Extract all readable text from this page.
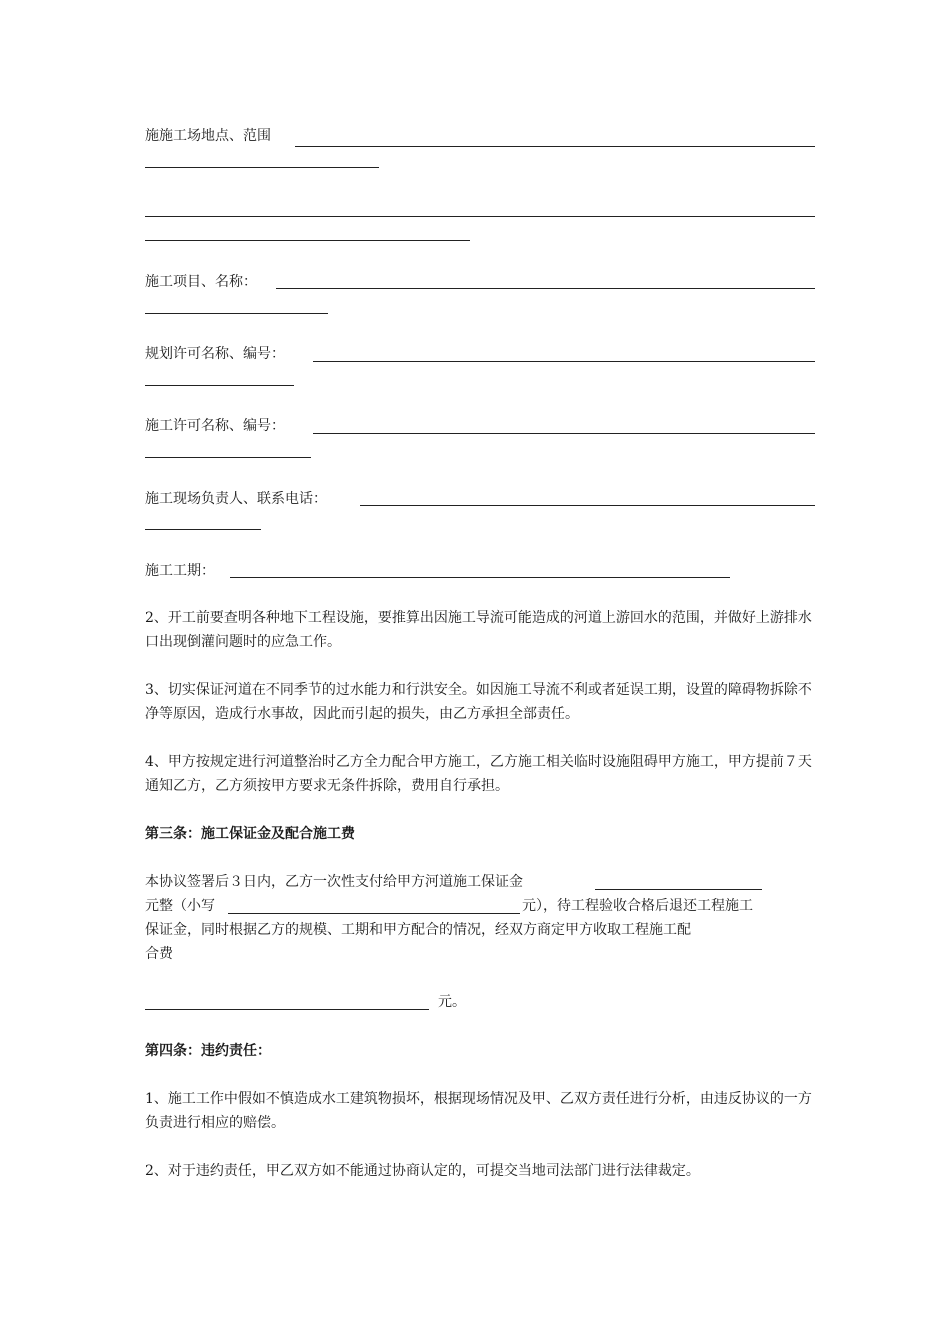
施施工场地点、范围
施工项目、名称：
规划许可名称、编号：
施工许可名称、编号：
施工现场负责人、联系电话：
施工工期：
2、开工前要查明各种地下工程设施，要推算出因施工导流可能造成的河道上游回水的范围，并做好上游排水口出现倒灌问题时的应急工作。
3、切实保证河道在不同季节的过水能力和行洪安全。如因施工导流不利或者延误工期，设置的障碍物拆除不净等原因，造成行水事故，因此而引起的损失，由乙方承担全部责任。
4、甲方按规定进行河道整治时乙方全力配合甲方施工，乙方施工相关临时设施阻碍甲方施工，甲方提前７天通知乙方，乙方须按甲方要求无条件拆除，费用自行承担。
第三条：施工保证金及配合施工费
本协议签署后３日内，乙方一次性支付给甲方河道施工保证金
元整（小写	元），待工程验收合格后退还工程施工
保证金，同时根据乙方的规模、工期和甲方配合的情况，经双方商定甲方收取工程施工配
合费
元。
第四条：违约责任：
1、施工工作中假如不慎造成水工建筑物损坏，根据现场情况及甲、乙双方责任进行分析，由违反协议的一方负责进行相应的赔偿。
2、对于违约责任，甲乙双方如不能通过协商认定的，可提交当地司法部门进行法律裁定。
